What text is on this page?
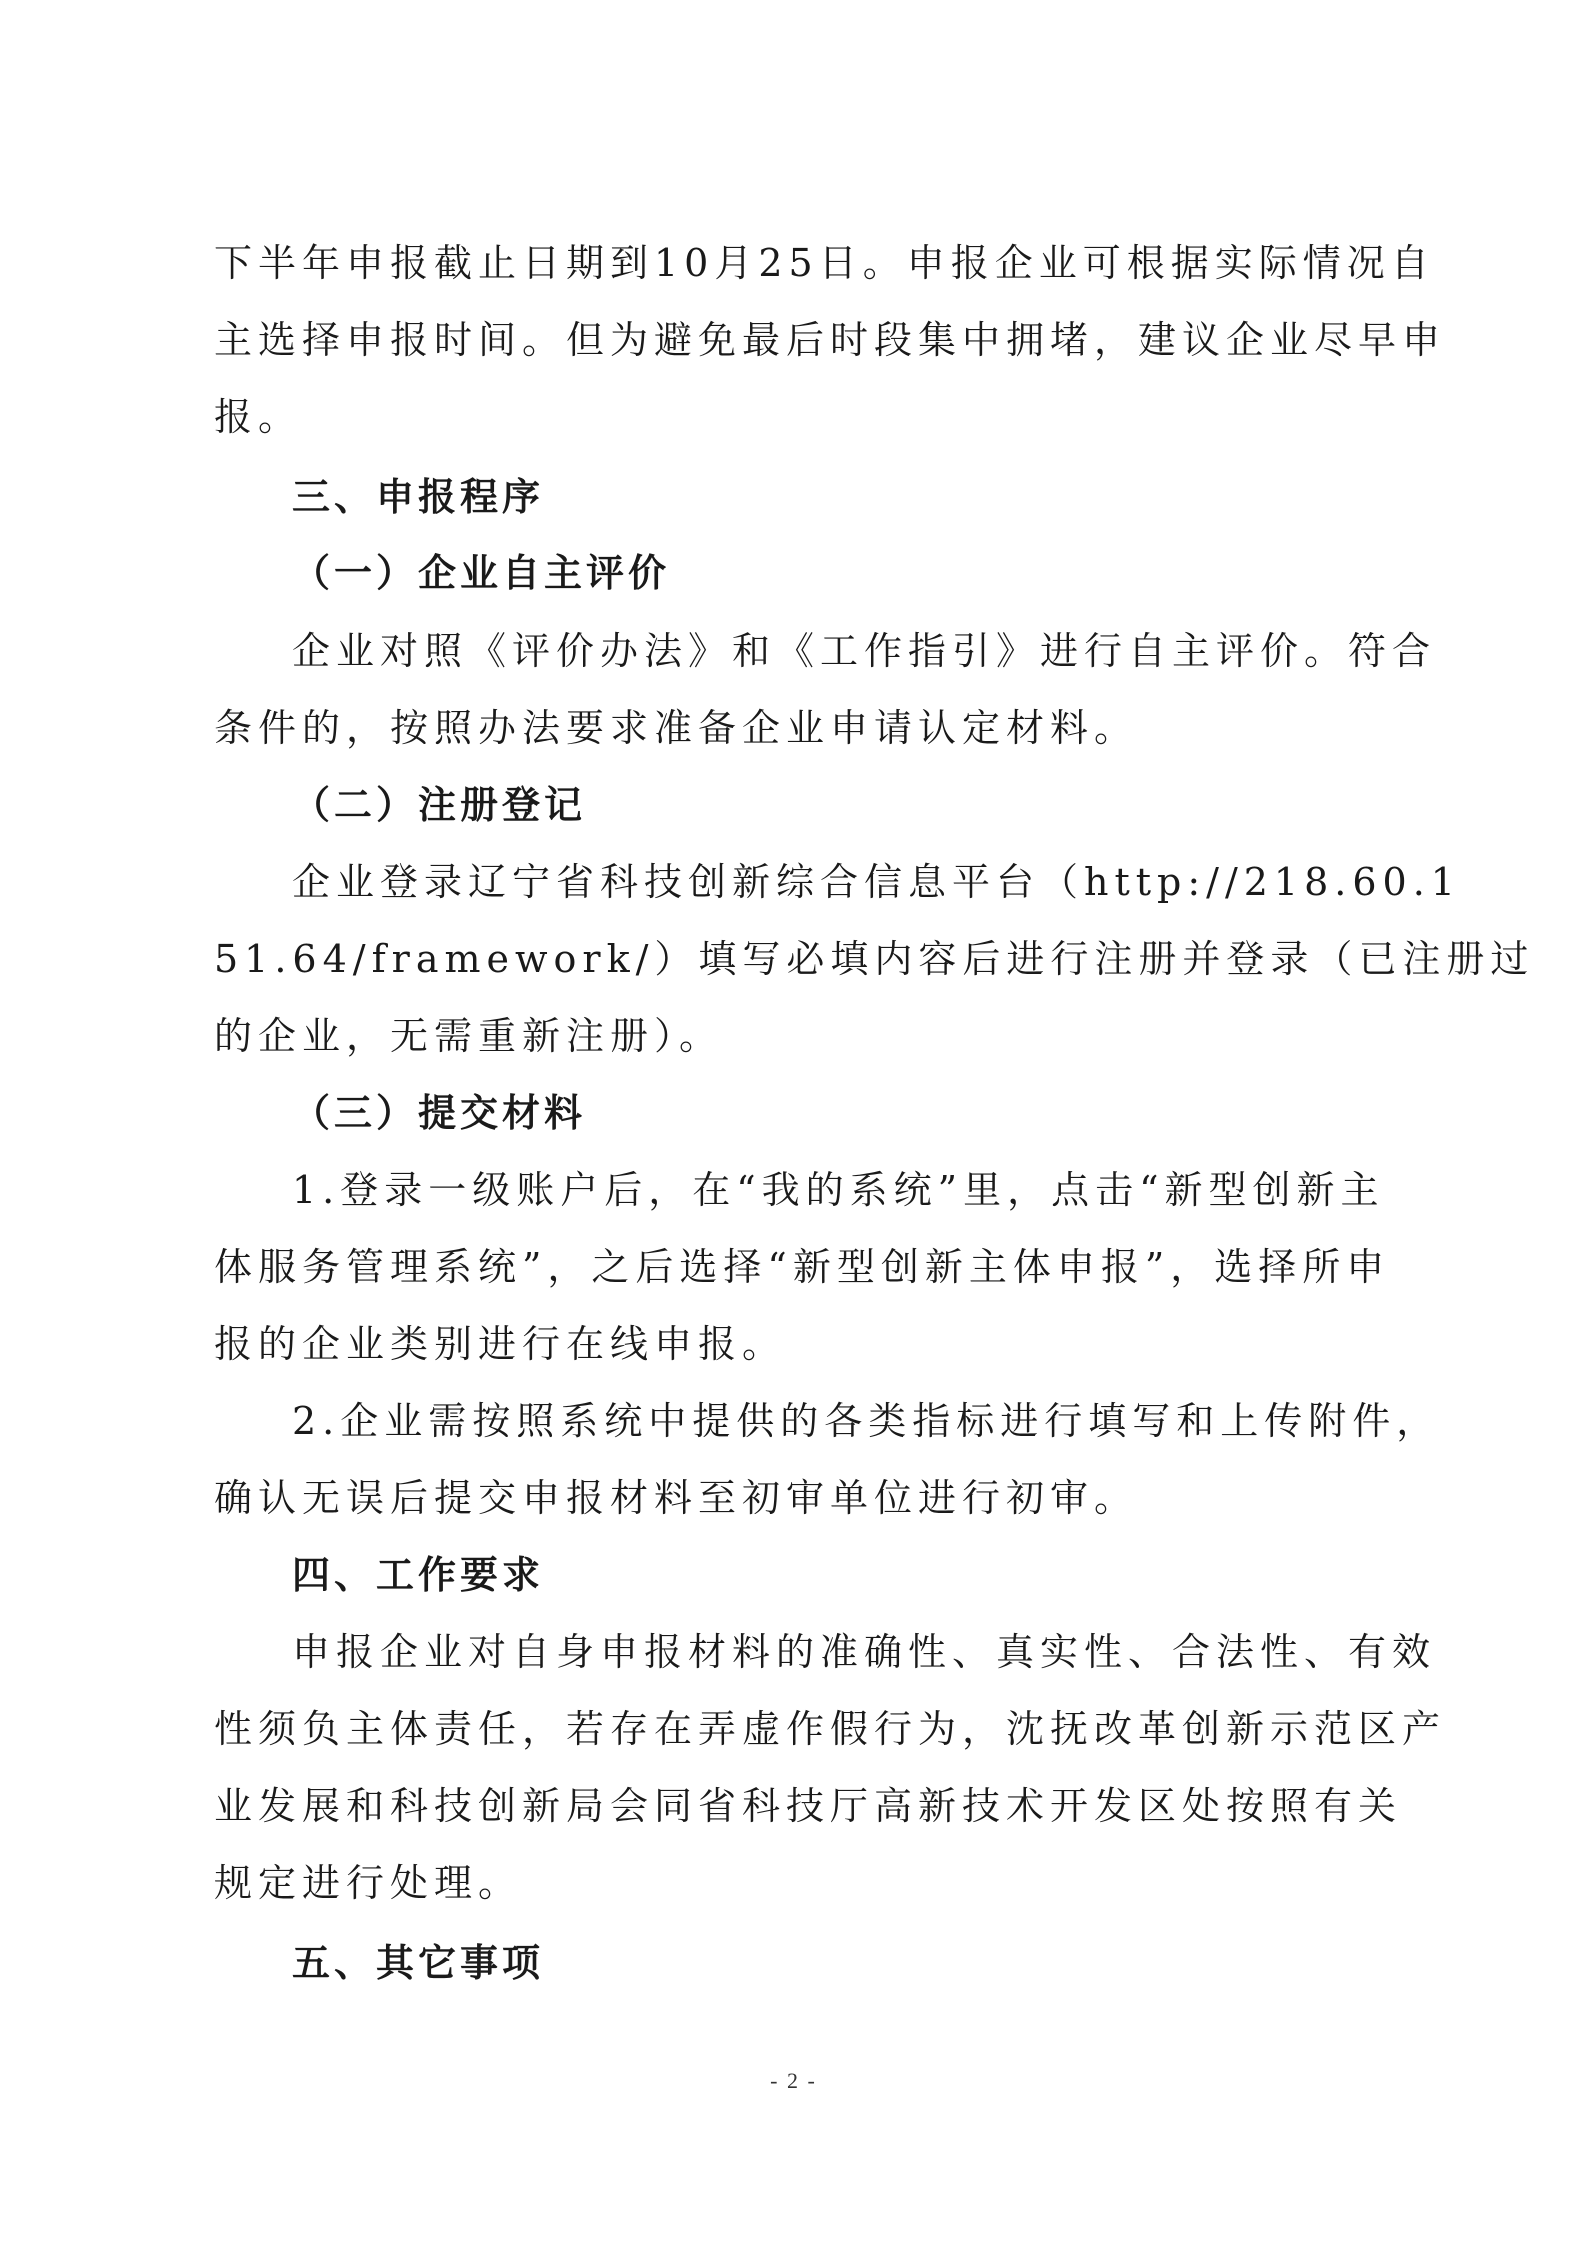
下半年申报截止日期到10月25日。申报企业可根据实际情况自

主选择申报时间。但为避免最后时段集中拥堵，建议企业尽早申

报。

三、申报程序

（一）企业自主评价

企业对照《评价办法》和《工作指引》进行自主评价。符合

条件的，按照办法要求准备企业申请认定材料。

（二）注册登记

企业登录辽宁省科技创新综合信息平台（http://218.60.1

51.64/framework/）填写必填内容后进行注册并登录（已注册过

的企业，无需重新注册）。

（三）提交材料

1.登录一级账户后，在“我的系统”里，点击“新型创新主

体服务管理系统”，之后选择“新型创新主体申报”，选择所申

报的企业类别进行在线申报。

2.企业需按照系统中提供的各类指标进行填写和上传附件，

确认无误后提交申报材料至初审单位进行初审。

四、工作要求

申报企业对自身申报材料的准确性、真实性、合法性、有效

性须负主体责任，若存在弄虚作假行为，沈抚改革创新示范区产

业发展和科技创新局会同省科技厅高新技术开发区处按照有关

规定进行处理。

五、其它事项

- 2 -
